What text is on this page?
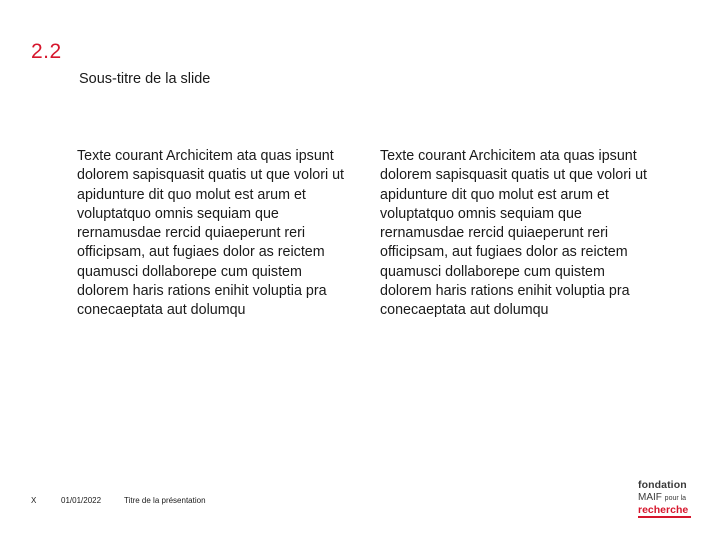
2.2
Sous-titre de la slide
Texte courant Archicitem ata quas ipsunt dolorem sapisquasit quatis ut que volori ut apidunture dit quo molut est arum et voluptatquo omnis sequiam que rernamusdae rercid quiaeperunt reri officipsam, aut fugiaes dolor as reictem quamusci dollaborepe cum quistem dolorem haris rations enihit voluptia pra conecaeptata aut dolumqu
Texte courant Archicitem ata quas ipsunt dolorem sapisquasit quatis ut que volori ut apidunture dit quo molut est arum et voluptatquo omnis sequiam que rernamusdae rercid quiaeperunt reri officipsam, aut fugiaes dolor as reictem quamusci dollaborepe cum quistem dolorem haris rations enihit voluptia pra conecaeptata aut dolumqu
X	01/01/2022	Titre de la présentation
fondation
MAIF pour la
recherche
